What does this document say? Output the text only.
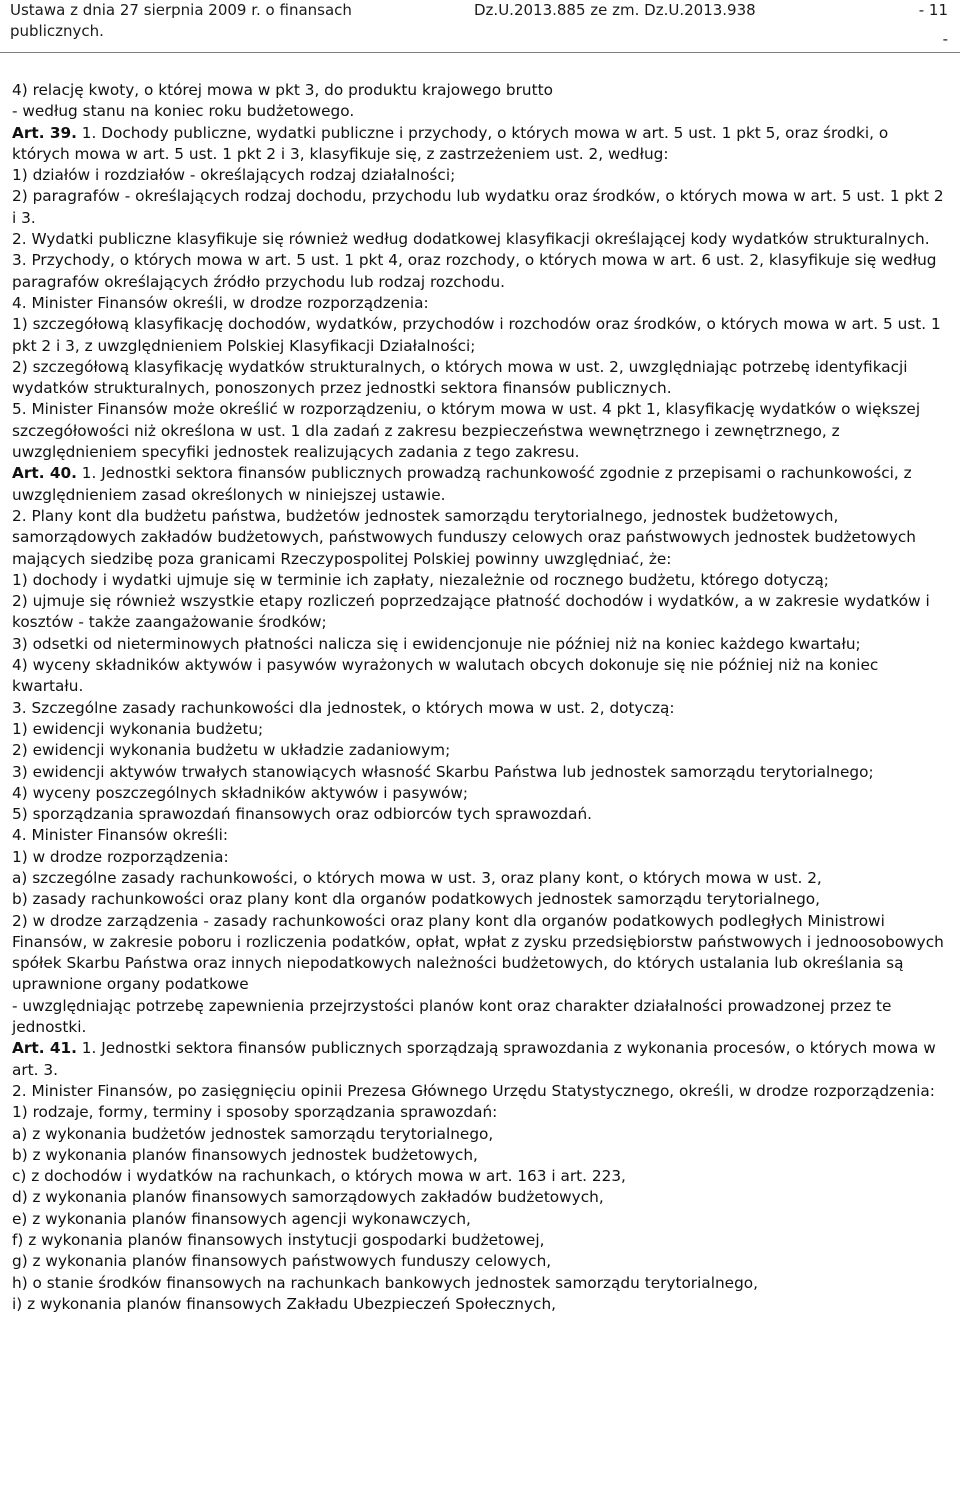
Ustawa z dnia 27 sierpnia 2009 r. o finansach
publicznych.
Dz.U.2013.885 ze zm. Dz.U.2013.938	- 11
-

4) relację kwoty, o której mowa w pkt 3, do produktu krajowego brutto

- według stanu na koniec roku budżetowego.

Art. 39. 1. Dochody publiczne, wydatki publiczne i przychody, o których mowa w art. 5 ust. 1 pkt 5, oraz środki, o których mowa w art. 5 ust. 1 pkt 2 i 3, klasyfikuje się, z zastrzeżeniem ust. 2, według:

1) działów i rozdziałów - określających rodzaj działalności;

2) paragrafów - określających rodzaj dochodu, przychodu lub wydatku oraz środków, o których mowa w art. 5 ust. 1 pkt 2 i 3.

2. Wydatki publiczne klasyfikuje się również według dodatkowej klasyfikacji określającej kody wydatków strukturalnych.

3. Przychody, o których mowa w art. 5 ust. 1 pkt 4, oraz rozchody, o których mowa w art. 6 ust. 2, klasyfikuje się według paragrafów określających źródło przychodu lub rodzaj rozchodu.

4. Minister Finansów określi, w drodze rozporządzenia:

1) szczegółową klasyfikację dochodów, wydatków, przychodów i rozchodów oraz środków, o których mowa w art. 5 ust. 1 pkt 2 i 3, z uwzględnieniem Polskiej Klasyfikacji Działalności;

2) szczegółową klasyfikację wydatków strukturalnych, o których mowa w ust. 2, uwzględniając potrzebę identyfikacji wydatków strukturalnych, ponoszonych przez jednostki sektora finansów publicznych.

5. Minister Finansów może określić w rozporządzeniu, o którym mowa w ust. 4 pkt 1, klasyfikację wydatków o większej szczegółowości niż określona w ust. 1 dla zadań z zakresu bezpieczeństwa wewnętrznego i zewnętrznego, z uwzględnieniem specyfiki jednostek realizujących zadania z tego zakresu.

Art. 40. 1. Jednostki sektora finansów publicznych prowadzą rachunkowość zgodnie z przepisami o rachunkowości, z uwzględnieniem zasad określonych w niniejszej ustawie.

2. Plany kont dla budżetu państwa, budżetów jednostek samorządu terytorialnego, jednostek budżetowych, samorządowych zakładów budżetowych, państwowych funduszy celowych oraz państwowych jednostek budżetowych mających siedzibę poza granicami Rzeczypospolitej Polskiej powinny uwzględniać, że:

1) dochody i wydatki ujmuje się w terminie ich zapłaty, niezależnie od rocznego budżetu, którego dotyczą;

2) ujmuje się również wszystkie etapy rozliczeń poprzedzające płatność dochodów i wydatków, a w zakresie wydatków i kosztów - także zaangażowanie środków;

3) odsetki od nieterminowych płatności nalicza się i ewidencjonuje nie później niż na koniec każdego kwartału;

4) wyceny składników aktywów i pasywów wyrażonych w walutach obcych dokonuje się nie później niż na koniec kwartału.

3. Szczególne zasady rachunkowości dla jednostek, o których mowa w ust. 2, dotyczą:

1) ewidencji wykonania budżetu;

2) ewidencji wykonania budżetu w układzie zadaniowym;

3) ewidencji aktywów trwałych stanowiących własność Skarbu Państwa lub jednostek samorządu terytorialnego;

4) wyceny poszczególnych składników aktywów i pasywów;

5) sporządzania sprawozdań finansowych oraz odbiorców tych sprawozdań.

4. Minister Finansów określi:

1) w drodze rozporządzenia:

a) szczególne zasady rachunkowości, o których mowa w ust. 3, oraz plany kont, o których mowa w ust. 2,

b) zasady rachunkowości oraz plany kont dla organów podatkowych jednostek samorządu terytorialnego,

2) w drodze zarządzenia - zasady rachunkowości oraz plany kont dla organów podatkowych podległych Ministrowi Finansów, w zakresie poboru i rozliczenia podatków, opłat, wpłat z zysku przedsiębiorstw państwowych i jednoosobowych spółek Skarbu Państwa oraz innych niepodatkowych należności budżetowych, do których ustalania lub określania są uprawnione organy podatkowe

- uwzględniając potrzebę zapewnienia przejrzystości planów kont oraz charakter działalności prowadzonej przez te jednostki.

Art. 41. 1. Jednostki sektora finansów publicznych sporządzają sprawozdania z wykonania procesów, o których mowa w art. 3.

2. Minister Finansów, po zasięgnięciu opinii Prezesa Głównego Urzędu Statystycznego, określi, w drodze rozporządzenia:

1) rodzaje, formy, terminy i sposoby sporządzania sprawozdań:

a) z wykonania budżetów jednostek samorządu terytorialnego,

b) z wykonania planów finansowych jednostek budżetowych,

c) z dochodów i wydatków na rachunkach, o których mowa w art. 163 i art. 223,

d) z wykonania planów finansowych samorządowych zakładów budżetowych,

e) z wykonania planów finansowych agencji wykonawczych,

f) z wykonania planów finansowych instytucji gospodarki budżetowej,

g) z wykonania planów finansowych państwowych funduszy celowych,

h) o stanie środków finansowych na rachunkach bankowych jednostek samorządu terytorialnego,

i) z wykonania planów finansowych Zakładu Ubezpieczeń Społecznych,
